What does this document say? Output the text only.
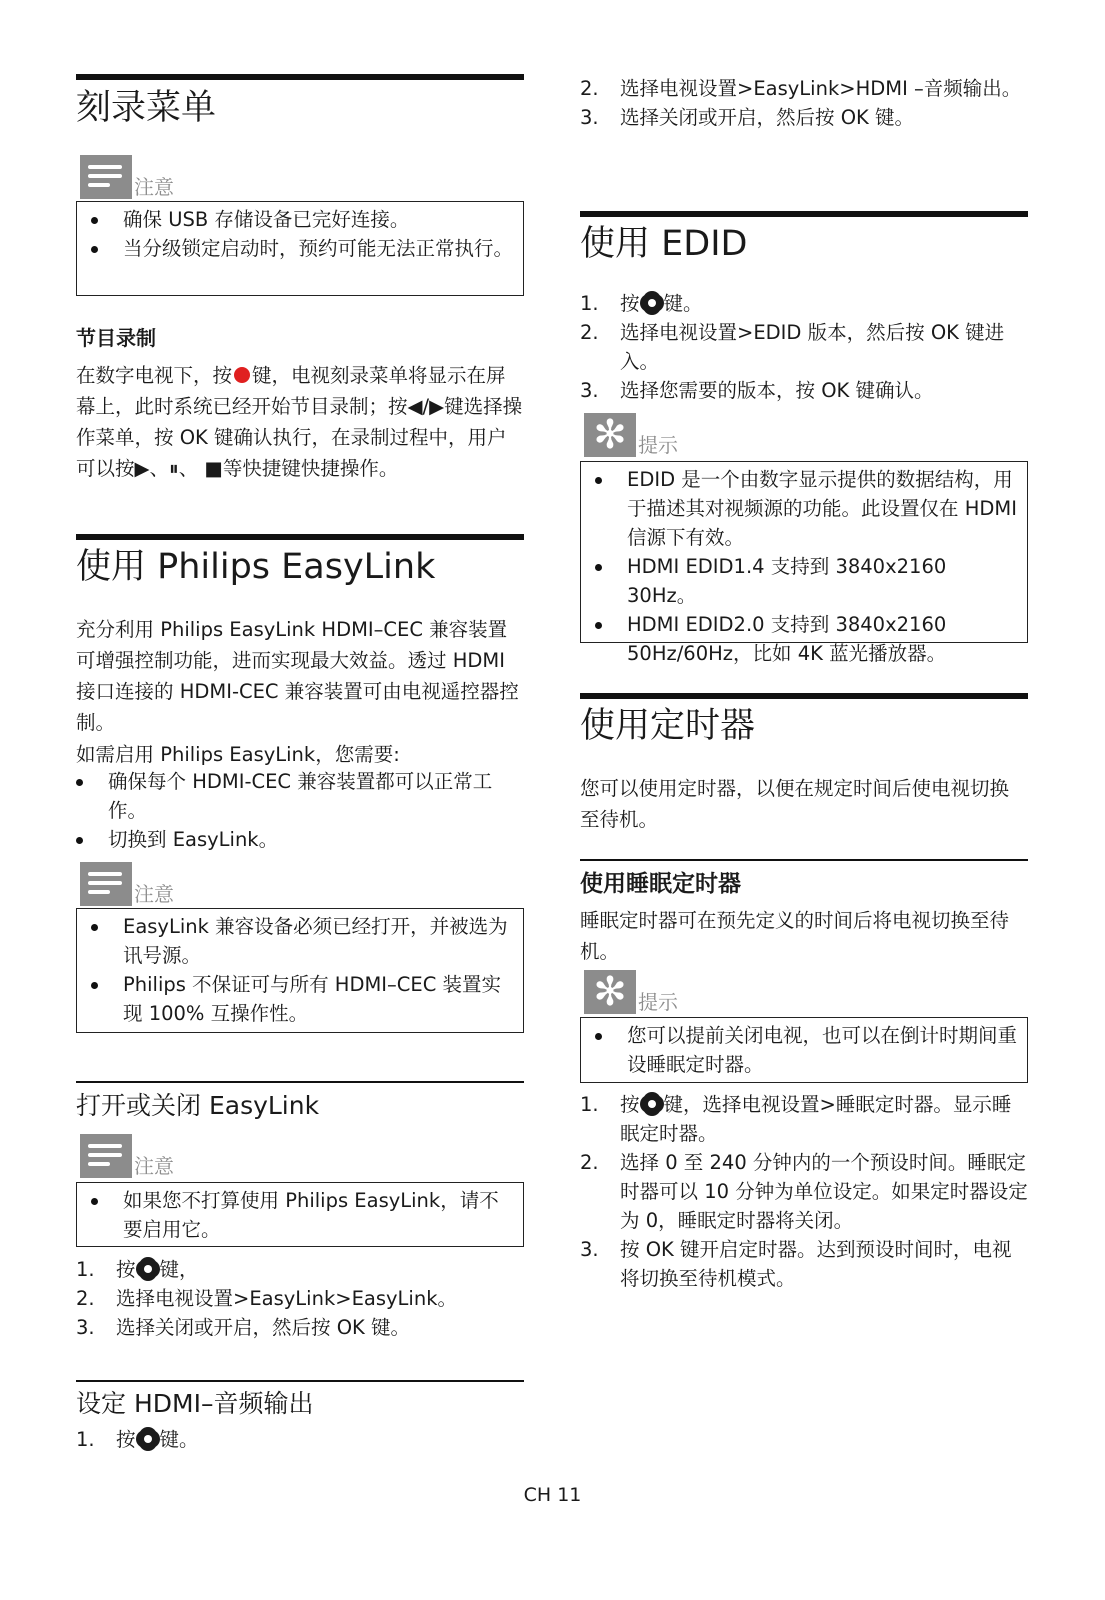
刻录菜单
注意
确保 USB 存储设备已完好连接。
当分级锁定启动时，预约可能无法正常执行。
节目录制

在数字电视下，按 键，电视刻录菜单将显示在屏幕上，此时系统已经开始节目录制；按◀/▶键选择操作菜单，按 OK 键确认执行，在录制过程中，用户可以按▶、⏸、 ■等快捷键快捷操作。

使用 Philips EasyLink

充分利用 Philips EasyLink HDMI–CEC 兼容装置可增强控制功能，进而实现最大效益。透过 HDMI 接口连接的 HDMI-CEC 兼容装置可由电视遥控器控制。

如需启用 Philips EasyLink，您需要:

确保每个 HDMI-CEC 兼容装置都可以正常工作。
切换到 EasyLink。
注意
EasyLink 兼容设备必须已经打开，并被选为讯号源。
Philips 不保证可与所有 HDMI–CEC 装置实现 100% 互操作性。
打开或关闭 EasyLink
注意
如果您不打算使用 Philips EasyLink，请不要启用它。
1. 按 键，
2. 选择电视设置>EasyLink>EasyLink。
3. 选择关闭或开启，然后按 OK 键。
设定 HDMI–音频输出
1. 按 键。
2. 选择电视设置>EasyLink>HDMI –音频输出。
3. 选择关闭或开启，然后按 OK 键。
使用 EDID
1. 按 键。
2. 选择电视设置>EDID 版本，然后按 OK 键进入。
3. 选择您需要的版本，按 OK 键确认。
✻ 提示
EDID 是一个由数字显示提供的数据结构，用于描述其对视频源的功能。此设置仅在 HDMI 信源下有效。
HDMI EDID1.4 支持到 3840x2160 30Hz。
HDMI EDID2.0 支持到 3840x2160 50Hz/60Hz，比如 4K 蓝光播放器。
使用定时器

您可以使用定时器，以便在规定时间后使电视切换至待机。

使用睡眠定时器

睡眠定时器可在预先定义的时间后将电视切换至待机。

✻ 提示
您可以提前关闭电视，也可以在倒计时期间重设睡眠定时器。
1. 按 键，选择电视设置>睡眠定时器。显示睡眠定时器。
2. 选择 0 至 240 分钟内的一个预设时间。睡眠定时器可以 10 分钟为单位设定。如果定时器设定为 0，睡眠定时器将关闭。
3. 按 OK 键开启定时器。达到预设时间时，电视将切换至待机模式。
CH 11
